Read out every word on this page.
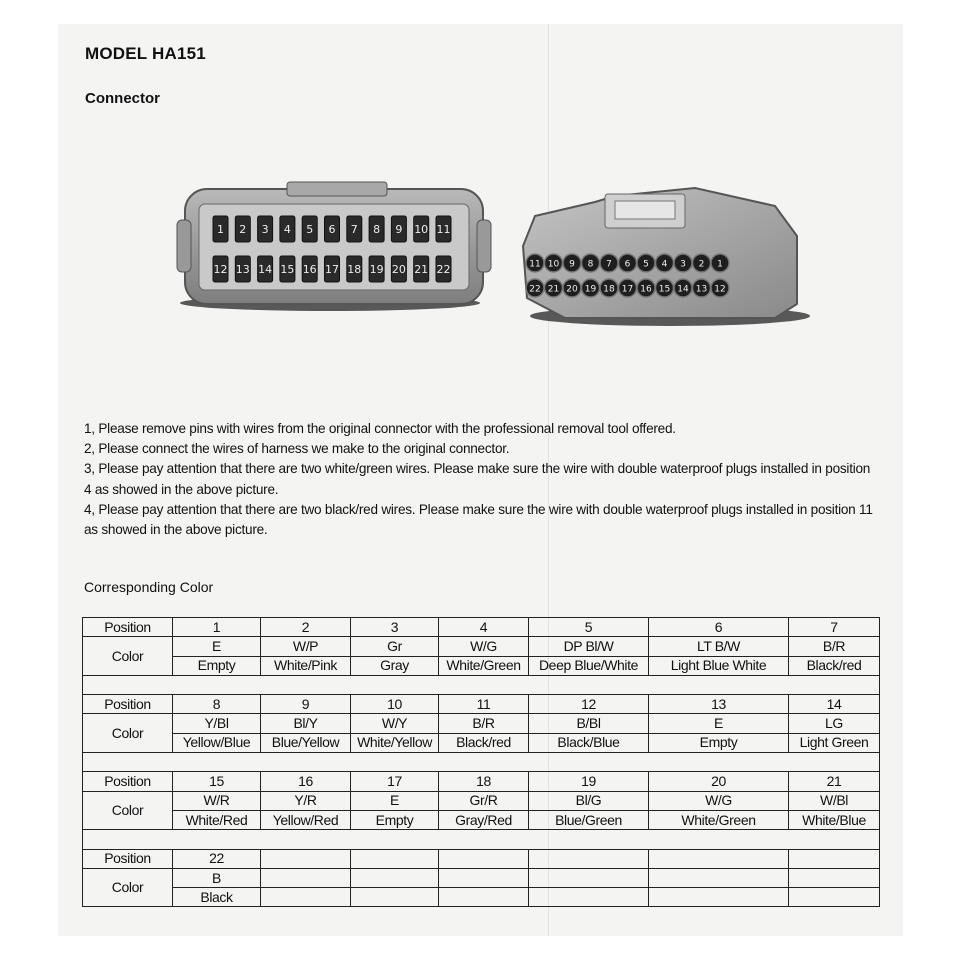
MODEL HA151
Connector
1 2 3 4 5 6 7 8 9 10 11
12 13 14 15 16 17 18 19 20 21 22	11 10 9 8 7 6 5 4 3 2 1
22 21 20 19 18 17 16 15 14 13 12

1, Please remove pins with wires from the original connector with the professional removal tool offered.

2, Please connect the wires of harness we make to the original connector.

3, Please pay attention that there are two white/green wires. Please make sure the wire with double waterproof plugs installed in position 4 as showed in the above picture.

4, Please pay attention that there are two black/red wires. Please make sure the wire with double waterproof plugs installed in position 11 as showed in the above picture.

Corresponding Color
Position	1	2	3	4	5	6	7
Color	E	W/P	Gr	W/G	DP Bl/W	LT B/W	B/R
	Empty	White/Pink	Gray	White/Green	Deep Blue/White	Light Blue White	Black/red

Position	8	9	10	11	12	13	14
Color	Y/Bl	Bl/Y	W/Y	B/R	B/Bl	E	LG
	Yellow/Blue	Blue/Yellow	White/Yellow	Black/red	Black/Blue	Empty	Light Green

Position	15	16	17	18	19	20	21
Color	W/R	Y/R	E	Gr/R	Bl/G	W/G	W/Bl
	White/Red	Yellow/Red	Empty	Gray/Red	Blue/Green	White/Green	White/Blue

Position	22						
Color	B						
	Black						
